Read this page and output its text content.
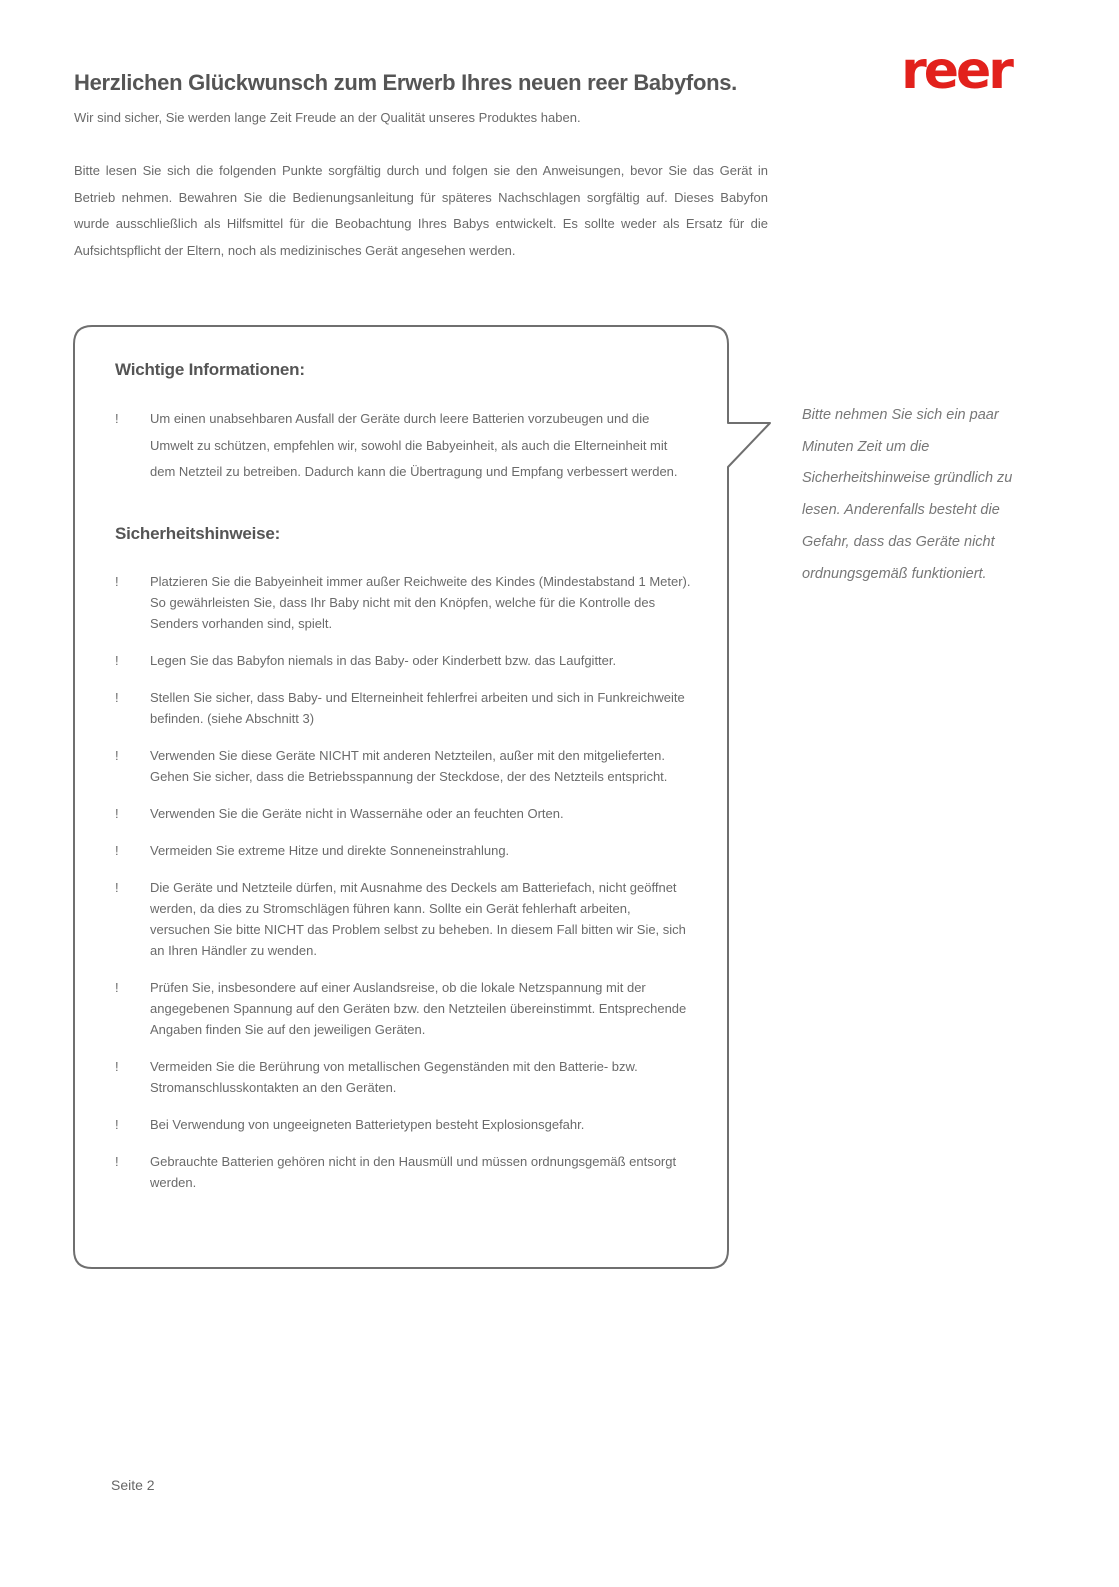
reer
Herzlichen Glückwunsch zum Erwerb Ihres neuen reer Babyfons.

Wir sind sicher, Sie werden lange Zeit Freude an der Qualität unseres Produktes haben.

Bitte lesen Sie sich die folgenden Punkte sorgfältig durch und folgen sie den Anweisungen, bevor Sie das Gerät in Betrieb nehmen. Bewahren Sie die Bedienungsanleitung für späteres Nachschlagen sorgfältig auf. Dieses Babyfon wurde ausschließlich als Hilfsmittel für die Beobachtung Ihres Babys entwickelt. Es sollte weder als Ersatz für die Aufsichtspflicht der Eltern, noch als medizinisches Gerät angesehen werden.

Wichtige Informationen:
! Um einen unabsehbaren Ausfall der Geräte durch leere Batterien vorzubeugen und die Umwelt zu schützen, empfehlen wir, sowohl die Babyeinheit, als auch die Elterneinheit mit dem Netzteil zu betreiben. Dadurch kann die Übertragung und Empfang verbessert werden.
Sicherheitshinweise:
! Platzieren Sie die Babyeinheit immer außer Reichweite des Kindes (Mindestabstand 1 Meter). So gewährleisten Sie, dass Ihr Baby nicht mit den Knöpfen, welche für die Kontrolle des Senders vorhanden sind, spielt.
! Legen Sie das Babyfon niemals in das Baby- oder Kinderbett bzw. das Laufgitter.
! Stellen Sie sicher, dass Baby- und Elterneinheit fehlerfrei arbeiten und sich in Funkreichweite befinden. (siehe Abschnitt 3)
! Verwenden Sie diese Geräte NICHT mit anderen Netzteilen, außer mit den mitgelieferten. Gehen Sie sicher, dass die Betriebsspannung der Steckdose, der des Netzteils entspricht.
! Verwenden Sie die Geräte nicht in Wassernähe oder an feuchten Orten.
! Vermeiden Sie extreme Hitze und direkte Sonneneinstrahlung.
! Die Geräte und Netzteile dürfen, mit Ausnahme des Deckels am Batteriefach, nicht geöffnet werden, da dies zu Stromschlägen führen kann. Sollte ein Gerät fehlerhaft arbeiten, versuchen Sie bitte NICHT das Problem selbst zu beheben. In diesem Fall bitten wir Sie, sich an Ihren Händler zu wenden.
! Prüfen Sie, insbesondere auf einer Auslandsreise, ob die lokale Netzspannung mit der angegebenen Spannung auf den Geräten bzw. den Netzteilen übereinstimmt. Entsprechende Angaben finden Sie auf den jeweiligen Geräten.
! Vermeiden Sie die Berührung von metallischen Gegenständen mit den Batterie- bzw. Stromanschlusskontakten an den Geräten.
! Bei Verwendung von ungeeigneten Batterietypen besteht Explosionsgefahr.
! Gebrauchte Batterien gehören nicht in den Hausmüll und müssen ordnungsgemäß entsorgt werden.

Bitte nehmen Sie sich ein paar Minuten Zeit um die Sicherheitshinweise gründlich zu lesen. Anderenfalls besteht die Gefahr, dass das Geräte nicht ordnungsgemäß funktioniert.

Seite 2
